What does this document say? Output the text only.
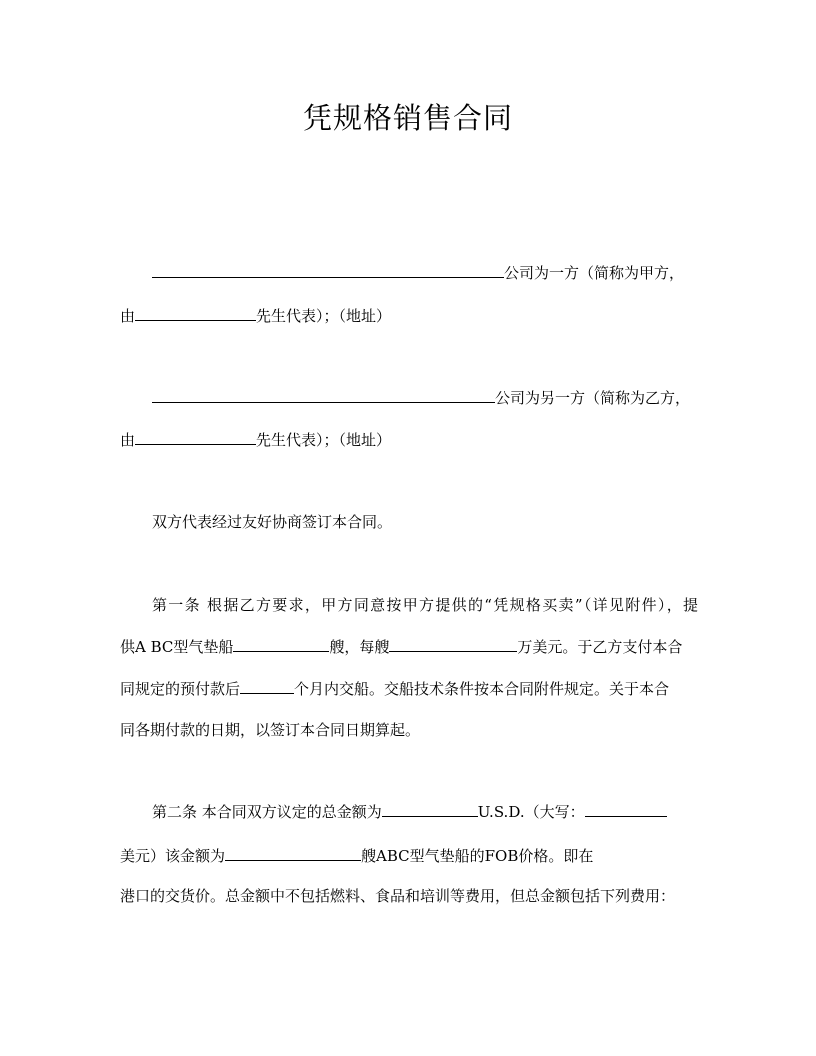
凭规格销售合同
公司为一方（简称为甲方，
由	先生代表）；（地址）
公司为另一方（简称为乙方，
由	先生代表）；（地址）
双方代表经过友好协商签订本合同。
第一条 根据乙方要求，甲方同意按甲方提供的“凭规格买卖”（详见附件），提
供A BC型气垫船	艘，每艘	万美元。于乙方支付本合
同规定的预付款后	个月内交船。交船技术条件按本合同附件规定。关于本合
同各期付款的日期，以签订本合同日期算起。
第二条 本合同双方议定的总金额为	U.S.D.（大写：
美元）该金额为	艘ABC型气垫船的FOB价格。即在
港口的交货价。总金额中不包括燃料、食品和培训等费用，但总金额包括下列费用：
